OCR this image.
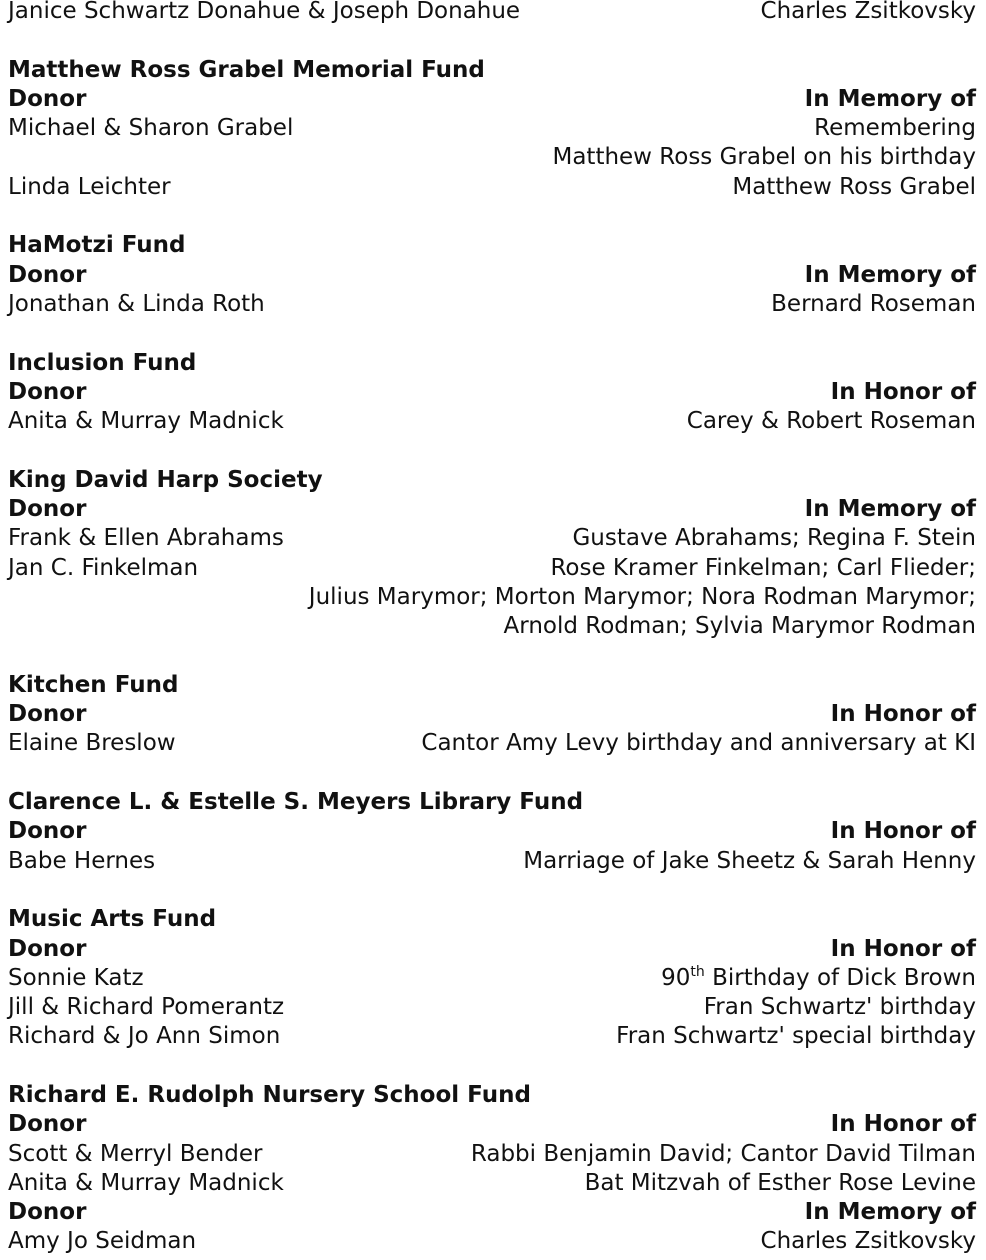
Janice Schwartz Donahue & Joseph Donahue	Charles Zsitkovsky
Matthew Ross Grabel Memorial Fund
Donor	In Memory of
Michael & Sharon Grabel	Remembering
Matthew Ross Grabel on his birthday
Linda Leichter	Matthew Ross Grabel
HaMotzi Fund
Donor	In Memory of
Jonathan & Linda Roth	Bernard Roseman
Inclusion Fund
Donor	In Honor of
Anita & Murray Madnick	Carey & Robert Roseman
King David Harp Society
Donor	In Memory of
Frank & Ellen Abrahams	Gustave Abrahams; Regina F. Stein
Jan C. Finkelman	Rose Kramer Finkelman; Carl Flieder;
Julius Marymor; Morton Marymor; Nora Rodman Marymor;
Arnold Rodman; Sylvia Marymor Rodman
Kitchen Fund
Donor	In Honor of
Elaine Breslow	Cantor Amy Levy birthday and anniversary at KI
Clarence L. & Estelle S. Meyers Library Fund
Donor	In Honor of
Babe Hernes	Marriage of Jake Sheetz & Sarah Henny
Music Arts Fund
Donor	In Honor of
Sonnie Katz	90th Birthday of Dick Brown
Jill & Richard Pomerantz	Fran Schwartz' birthday
Richard & Jo Ann Simon	Fran Schwartz' special birthday
Richard E. Rudolph Nursery School Fund
Donor	In Honor of
Scott & Merryl Bender	Rabbi Benjamin David; Cantor David Tilman
Anita & Murray Madnick	Bat Mitzvah of Esther Rose Levine
Donor	In Memory of
Amy Jo Seidman	Charles Zsitkovsky
